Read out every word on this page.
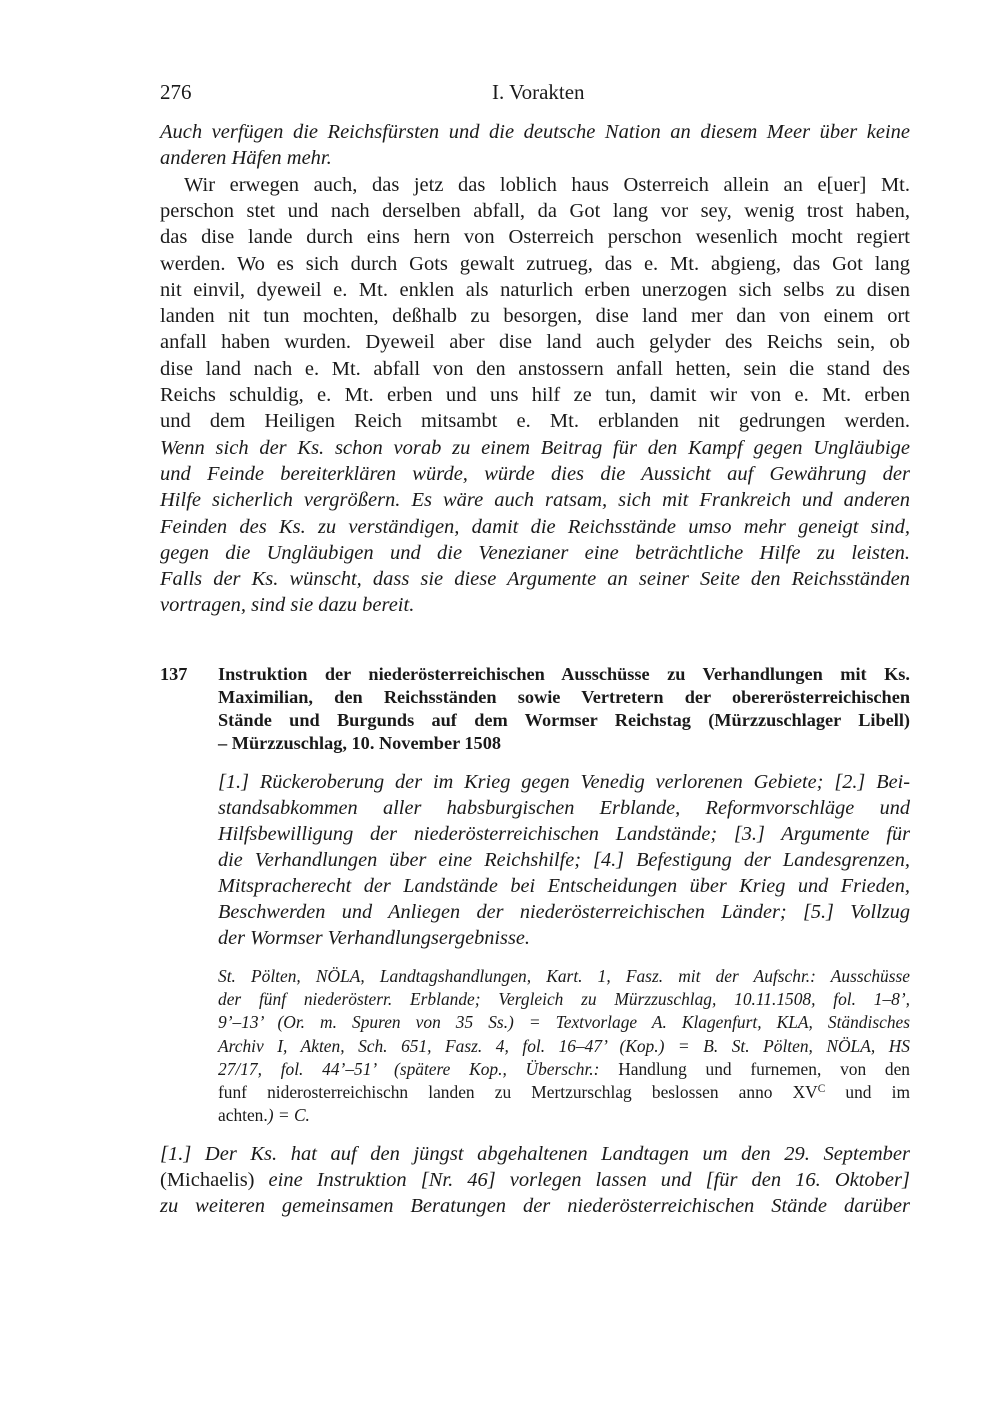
276	I. Vorakten
137
Auch verfügen die Reichsfürsten und die deutsche Nation an diesem Meer über keine
anderen Häfen mehr.
Wir erwegen auch, das jetz das loblich haus Osterreich allein an e[uer] Mt.
perschon stet und nach derselben abfall, da Got lang vor sey, wenig trost haben,
das dise lande durch eins hern von Osterreich perschon wesenlich mocht regiert
werden. Wo es sich durch Gots gewalt zutrueg, das e. Mt. abgieng, das Got lang
nit einvil, dyeweil e. Mt. enklen als naturlich erben unerzogen sich selbs zu disen
landen nit tun mochten, deßhalb zu besorgen, dise land mer dan von einem ort
anfall haben wurden. Dyeweil aber dise land auch gelyder des Reichs sein, ob
dise land nach e. Mt. abfall von den anstossern anfall hetten, sein die stand des
Reichs schuldig, e. Mt. erben und uns hilf ze tun, damit wir von e. Mt. erben
und dem Heiligen Reich mitsambt e. Mt. erblanden nit gedrungen werden.
Wenn sich der Ks. schon vorab zu einem Beitrag für den Kampf gegen Ungläubige
und Feinde bereiterklären würde, würde dies die Aussicht auf Gewährung der
Hilfe sicherlich vergrößern. Es wäre auch ratsam, sich mit Frankreich und anderen
Feinden des Ks. zu verständigen, damit die Reichsstände umso mehr geneigt sind,
gegen die Ungläubigen und die Venezianer eine beträchtliche Hilfe zu leisten.
Falls der Ks. wünscht, dass sie diese Argumente an seiner Seite den Reichsständen
vortragen, sind sie dazu bereit.
Instruktion der niederösterreichischen Ausschüsse zu Verhandlungen mit Ks.
Maximilian, den Reichsständen sowie Vertretern der obererösterreichischen
Stände und Burgunds auf dem Wormser Reichstag (Mürzzuschlager Libell)
– Mürzzuschlag, 10. November 1508
[1.] Rückeroberung der im Krieg gegen Venedig verlorenen Gebiete; [2.] Bei-
standsabkommen aller habsburgischen Erblande, Reformvorschläge und
Hilfsbewilligung der niederösterreichischen Landstände; [3.] Argumente für
die Verhandlungen über eine Reichshilfe; [4.] Befestigung der Landesgrenzen,
Mitspracherecht der Landstände bei Entscheidungen über Krieg und Frieden,
Beschwerden und Anliegen der niederösterreichischen Länder; [5.] Vollzug
der Wormser Verhandlungsergebnisse.
St. Pölten, NÖLA, Landtagshandlungen, Kart. 1, Fasz. mit der Aufschr.: Ausschüsse
der fünf niederösterr. Erblande; Vergleich zu Mürzzuschlag, 10.11.1508, fol. 1–8’,
9’–13’ (Or. m. Spuren von 35 Ss.) = Textvorlage A. Klagenfurt, KLA, Ständisches
Archiv I, Akten, Sch. 651, Fasz. 4, fol. 16–47’ (Kop.) = B. St. Pölten, NÖLA, HS
27/17, fol. 44’–51’ (spätere Kop., Überschr.: Handlung und furnemen, von den
funf niderosterreichischn landen zu Mertzurschlag beslossen anno $XV^C$ und im
achten.) = C.
[1.] Der Ks. hat auf den jüngst abgehaltenen Landtagen um den 29. September
(Michaelis) eine Instruktion [Nr. 46] vorlegen lassen und [für den 16. Oktober]
zu weiteren gemeinsamen Beratungen der niederösterreichischen Stände darüber
